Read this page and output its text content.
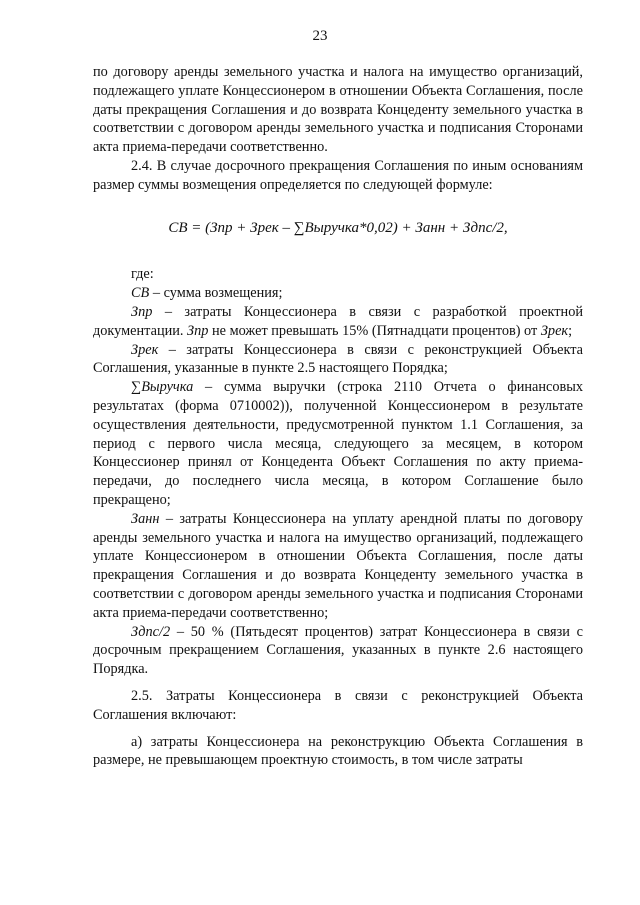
23

по договору аренды земельного участка и налога на имущество организаций, подлежащего уплате Концессионером в отношении Объекта Соглашения, после даты прекращения Соглашения и до возврата Концеденту земельного участка в соответствии с договором аренды земельного участка и подписания Сторонами акта приема-передачи соответственно.

2.4. В случае досрочного прекращения Соглашения по иным основаниям размер суммы возмещения определяется по следующей формуле:

СВ = (Зпр + Зрек – ∑Выручка*0,02) + Занн + Здпс/2,

где:

СВ – сумма возмещения;

Зпр – затраты Концессионера в связи с разработкой проектной документации. Зпр не может превышать 15% (Пятнадцати процентов) от Зрек;

Зрек – затраты Концессионера в связи с реконструкцией Объекта Соглашения, указанные в пункте 2.5 настоящего Порядка;

∑Выручка – сумма выручки (строка 2110 Отчета о финансовых результатах (форма 0710002)), полученной Концессионером в результате осуществления деятельности, предусмотренной пунктом 1.1 Соглашения, за период с первого числа месяца, следующего за месяцем, в котором Концессионер принял от Концедента Объект Соглашения по акту приема-передачи, до последнего числа месяца, в котором Соглашение было прекращено;

Занн – затраты Концессионера на уплату арендной платы по договору аренды земельного участка и налога на имущество организаций, подлежащего уплате Концессионером в отношении Объекта Соглашения, после даты прекращения Соглашения и до возврата Концеденту земельного участка в соответствии с договором аренды земельного участка и подписания Сторонами акта приема-передачи соответственно;

Здпс/2 – 50 % (Пятьдесят процентов) затрат Концессионера в связи с досрочным прекращением Соглашения, указанных в пункте 2.6 настоящего Порядка.

2.5. Затраты Концессионера в связи с реконструкцией Объекта Соглашения включают:

а) затраты Концессионера на реконструкцию Объекта Соглашения в размере, не превышающем проектную стоимость, в том числе затраты
